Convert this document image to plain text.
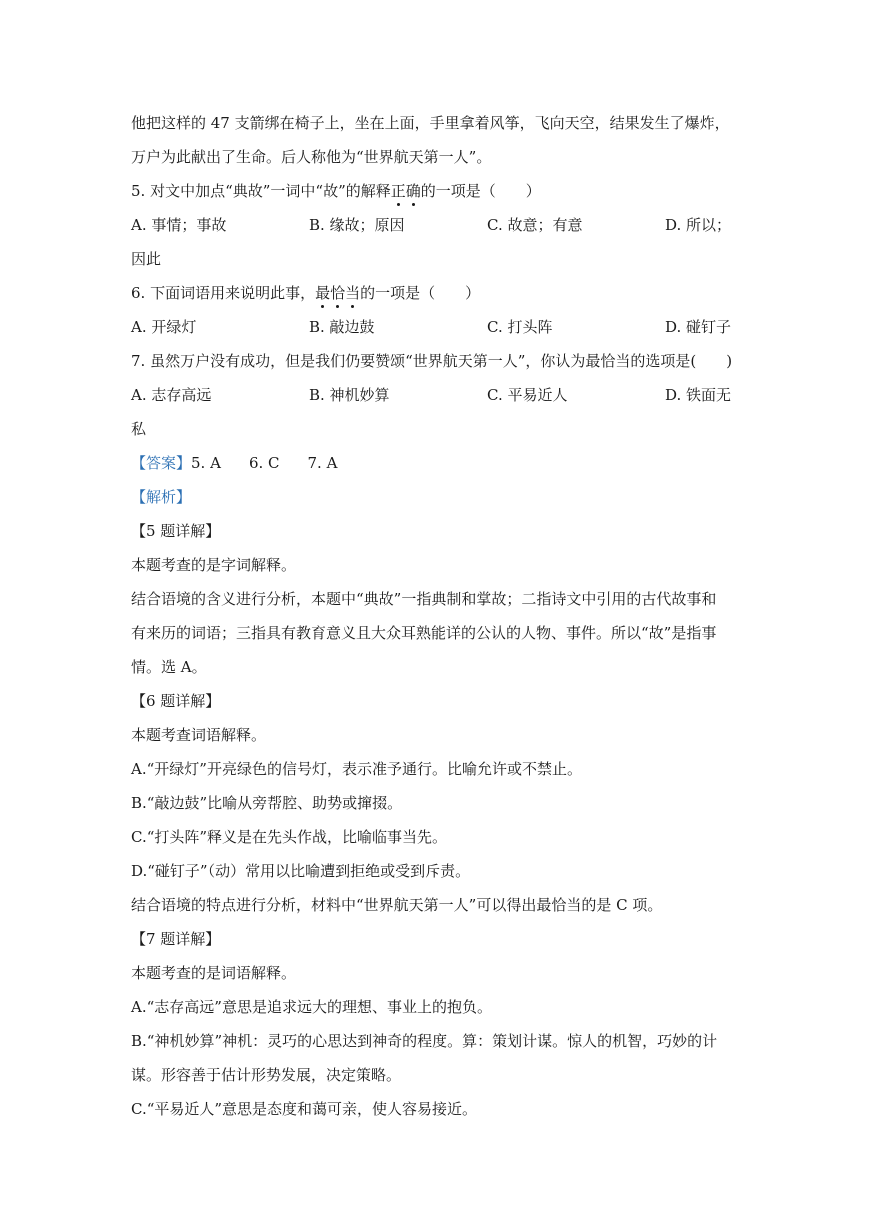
他把这样的 47 支箭绑在椅子上，坐在上面，手里拿着风筝，飞向天空，结果发生了爆炸，
万户为此献出了生命。后人称他为“世界航天第一人”。
5. 对文中加点“典故”一词中“故”的解释正确的一项是（　　）
A. 事情；事故	B. 缘故；原因	C. 故意；有意	D. 所以；
因此
6. 下面词语用来说明此事，最恰当的一项是（　　）
A. 开绿灯	B. 敲边鼓	C. 打头阵	D. 碰钉子
7. 虽然万户没有成功，但是我们仍要赞颂“世界航天第一人”，你认为最恰当的选项是(　　)
A. 志存高远	B. 神机妙算	C. 平易近人	D. 铁面无
私
【答案】5. A 6. C 7. A
【解析】
【5 题详解】
本题考查的是字词解释。
结合语境的含义进行分析，本题中“典故”一指典制和掌故；二指诗文中引用的古代故事和
有来历的词语；三指具有教育意义且大众耳熟能详的公认的人物、事件。所以“故”是指事
情。选 A。
【6 题详解】
本题考查词语解释。
A.“开绿灯”开亮绿色的信号灯，表示准予通行。比喻允许或不禁止。
B.“敲边鼓”比喻从旁帮腔、助势或撺掇。
C.“打头阵”释义是在先头作战，比喻临事当先。
D.“碰钉子”（动）常用以比喻遭到拒绝或受到斥责。
结合语境的特点进行分析，材料中“世界航天第一人”可以得出最恰当的是 C 项。
【7 题详解】
本题考查的是词语解释。
A.“志存高远”意思是追求远大的理想、事业上的抱负。
B.“神机妙算”神机：灵巧的心思达到神奇的程度。算：策划计谋。惊人的机智，巧妙的计
谋。形容善于估计形势发展，决定策略。
C.“平易近人”意思是态度和蔼可亲，使人容易接近。
